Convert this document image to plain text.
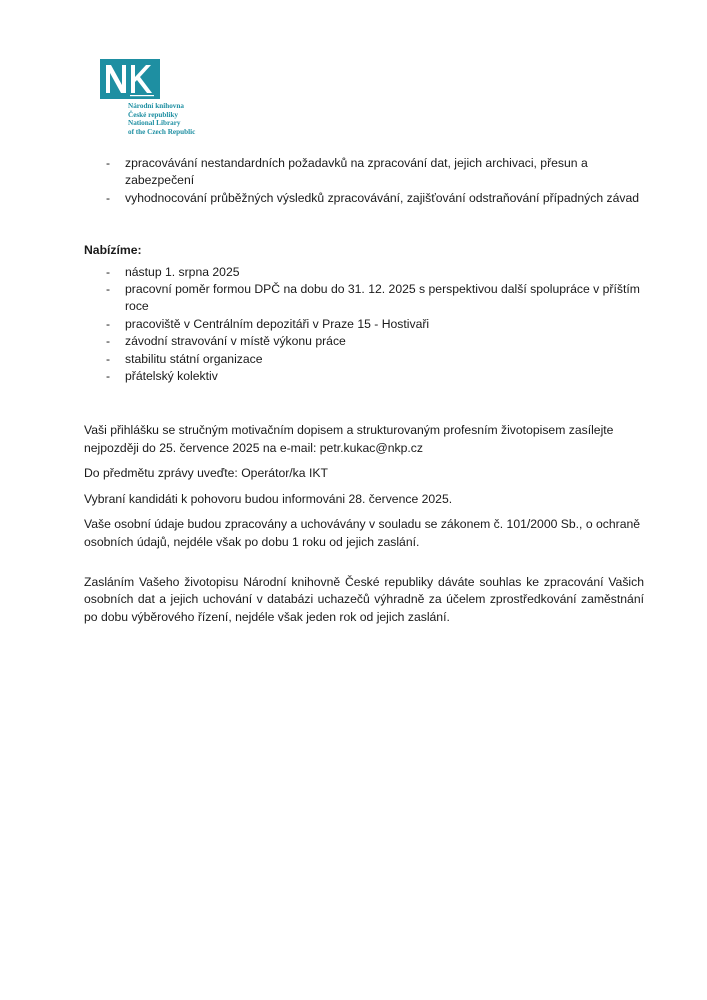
Národní knihovna
České republiky
National Library
of the Czech Republic
- zpracovávání nestandardních požadavků na zpracování dat, jejich archivaci, přesun a zabezpečení
- vyhodnocování průběžných výsledků zpracovávání, zajišťování odstraňování případných závad

Nabízíme:

- nástup 1. srpna 2025
- pracovní poměr formou DPČ na dobu do 31. 12. 2025 s perspektivou další spolupráce v příštím roce
- pracoviště v Centrálním depozitáři v Praze 15 - Hostivaři
- závodní stravování v místě výkonu práce
- stabilitu státní organizace
- přátelský kolektiv

Vaši přihlášku se stručným motivačním dopisem a strukturovaným profesním životopisem zasílejte nejpozději do 25. července 2025 na e-mail: petr.kukac@nkp.cz

Do předmětu zprávy uveďte: Operátor/ka IKT

Vybraní kandidáti k pohovoru budou informováni 28. července 2025.

Vaše osobní údaje budou zpracovány a uchovávány v souladu se zákonem č. 101/2000 Sb., o ochraně osobních údajů, nejdéle však po dobu 1 roku od jejich zaslání.

Zasláním Vašeho životopisu Národní knihovně České republiky dáváte souhlas ke zpracování Vašich osobních dat a jejich uchování v databázi uchazečů výhradně za účelem zprostředkování zaměstnání po dobu výběrového řízení, nejdéle však jeden rok od jejich zaslání.
